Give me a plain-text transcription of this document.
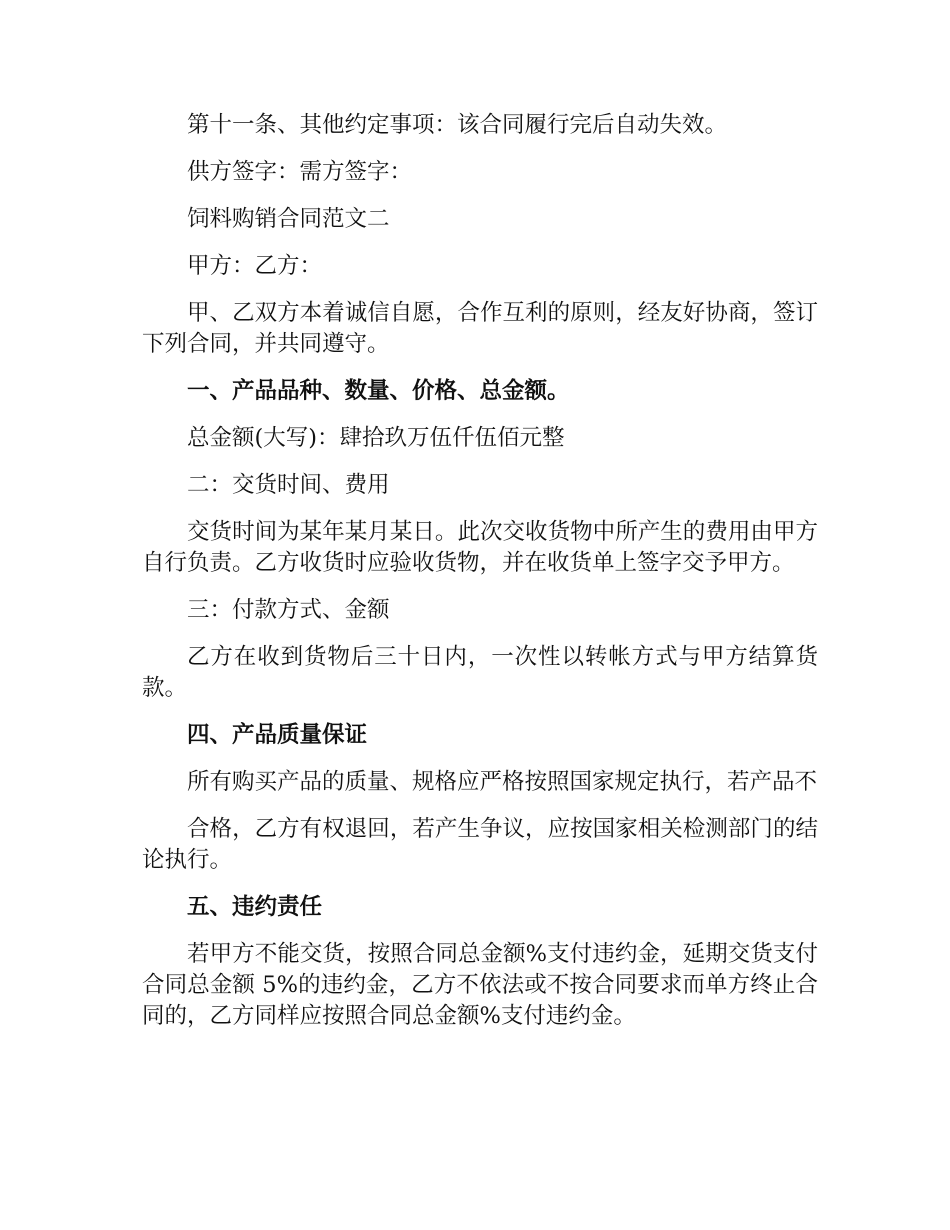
第十一条、其他约定事项：该合同履行完后自动失效。

供方签字：需方签字：

饲料购销合同范文二

甲方：乙方：

甲、乙双方本着诚信自愿，合作互利的原则，经友好协商，签订下列合同，并共同遵守。

一、产品品种、数量、价格、总金额。

总金额(大写)：肆拾玖万伍仟伍佰元整

二：交货时间、费用

交货时间为某年某月某日。此次交收货物中所产生的费用由甲方自行负责。乙方收货时应验收货物，并在收货单上签字交予甲方。

三：付款方式、金额

乙方在收到货物后三十日内，一次性以转帐方式与甲方结算货款。

四、产品质量保证

所有购买产品的质量、规格应严格按照国家规定执行，若产品不

合格，乙方有权退回，若产生争议，应按国家相关检测部门的结论执行。

五、违约责任

若甲方不能交货，按照合同总金额%支付违约金，延期交货支付合同总金额 5%的违约金，乙方不依法或不按合同要求而单方终止合同的，乙方同样应按照合同总金额%支付违约金。
